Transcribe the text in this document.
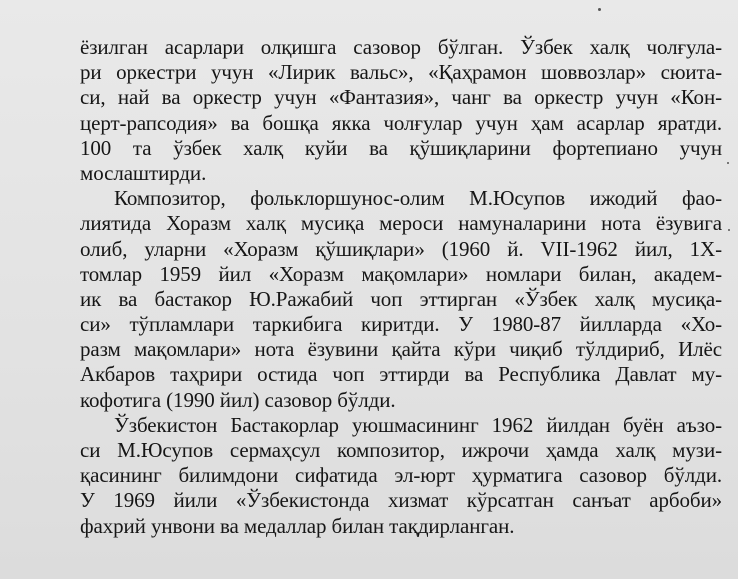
ёзилган асарлари олқишга сазовор бўлган. Ўзбек халқ чолғула-
ри оркестри учун «Лирик вальс», «Қаҳрамон шоввозлар» сюита-
си, най ва оркестр учун «Фантазия», чанг ва оркестр учун «Кон-
церт-рапсодия» ва бошқа якка чолғулар учун ҳам асарлар яратди.
100 та ўзбек халқ куйи ва қўшиқларини фортепиано учун
мослаштирди.
Композитор, фольклоршунос-олим М.Юсупов ижодий фао-
лиятида Хоразм халқ мусиқа мероси намуналарини нота ёзувига
олиб, уларни «Хоразм қўшиқлари» (1960 й. VII-1962 йил, 1X-
томлар 1959 йил «Хоразм мақомлари» номлари билан, академ-
ик ва бастакор Ю.Ражабий чоп эттирган «Ўзбек халқ мусиқа-
си» тўпламлари таркибига киритди. У 1980-87 йилларда «Хо-
разм мақомлари» нота ёзувини қайта кўри чиқиб тўлдириб, Илёс
Акбаров таҳрири остида чоп эттирди ва Республика Давлат му-
кофотига (1990 йил) сазовор бўлди.
Ўзбекистон Бастакорлар уюшмасининг 1962 йилдан буён аъзо-
си М.Юсупов сермаҳсул композитор, ижрочи ҳамда халқ музи-
қасининг билимдони сифатида эл-юрт ҳурматига сазовор бўлди.
У 1969 йили «Ўзбекистонда хизмат кўрсатган санъат арбоби»
фахрий унвони ва медаллар билан тақдирланган.
